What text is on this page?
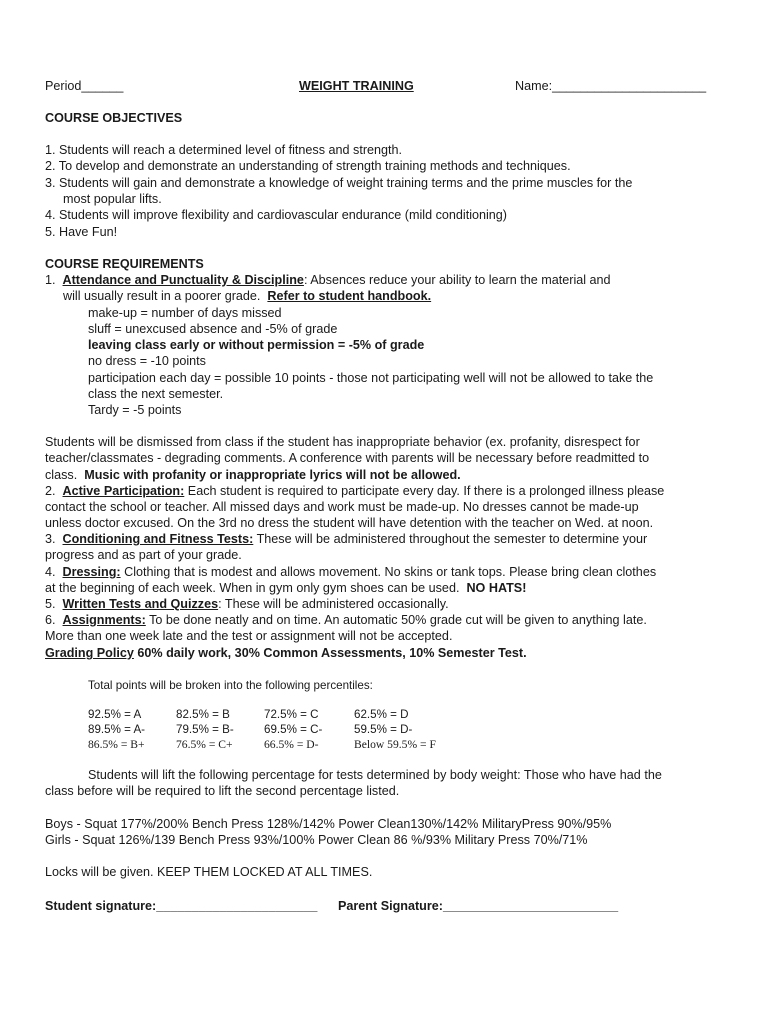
Period______	WEIGHT TRAINING	Name:______________________
COURSE OBJECTIVES
1. Students will reach a determined level of fitness and strength.
2. To develop and demonstrate an understanding of strength training methods and techniques.
3. Students will gain and demonstrate a knowledge of weight training terms and the prime muscles for the
most popular lifts.
4. Students will improve flexibility and cardiovascular endurance (mild conditioning)
5. Have Fun!
COURSE REQUIREMENTS
1. Attendance and Punctuality & Discipline: Absences reduce your ability to learn the material and
will usually result in a poorer grade. Refer to student handbook.
make-up = number of days missed
sluff = unexcused absence and -5% of grade
leaving class early or without permission = -5% of grade
no dress = -10 points
participation each day = possible 10 points - those not participating well will not be allowed to take the
class the next semester.
Tardy = -5 points
Students will be dismissed from class if the student has inappropriate behavior (ex. profanity, disrespect for
teacher/classmates - degrading comments. A conference with parents will be necessary before readmitted to
class. Music with profanity or inappropriate lyrics will not be allowed.
2. Active Participation: Each student is required to participate every day. If there is a prolonged illness please
contact the school or teacher. All missed days and work must be made-up. No dresses cannot be made-up
unless doctor excused. On the 3rd no dress the student will have detention with the teacher on Wed. at noon.
3. Conditioning and Fitness Tests: These will be administered throughout the semester to determine your
progress and as part of your grade.
4. Dressing: Clothing that is modest and allows movement. No skins or tank tops. Please bring clean clothes
at the beginning of each week. When in gym only gym shoes can be used. NO HATS!
5. Written Tests and Quizzes: These will be administered occasionally.
6. Assignments: To be done neatly and on time. An automatic 50% grade cut will be given to anything late.
More than one week late and the test or assignment will not be accepted.
Grading Policy 60% daily work, 30% Common Assessments, 10% Semester Test.
Total points will be broken into the following percentiles:
92.5% = A	82.5% = B	72.5% = C	62.5% = D
89.5% = A-	79.5% = B-	69.5% = C-	59.5% = D-
86.5% = B+	76.5% = C+	66.5% = D-	Below 59.5% = F
Students will lift the following percentage for tests determined by body weight: Those who have had the
class before will be required to lift the second percentage listed.
Boys - Squat 177%/200% Bench Press 128%/142% Power Clean130%/142% MilitaryPress 90%/95%
Girls - Squat 126%/139 Bench Press 93%/100% Power Clean 86 %/93% Military Press 70%/71%
Locks will be given. KEEP THEM LOCKED AT ALL TIMES.
Student signature:_______________________ Parent Signature:_________________________
